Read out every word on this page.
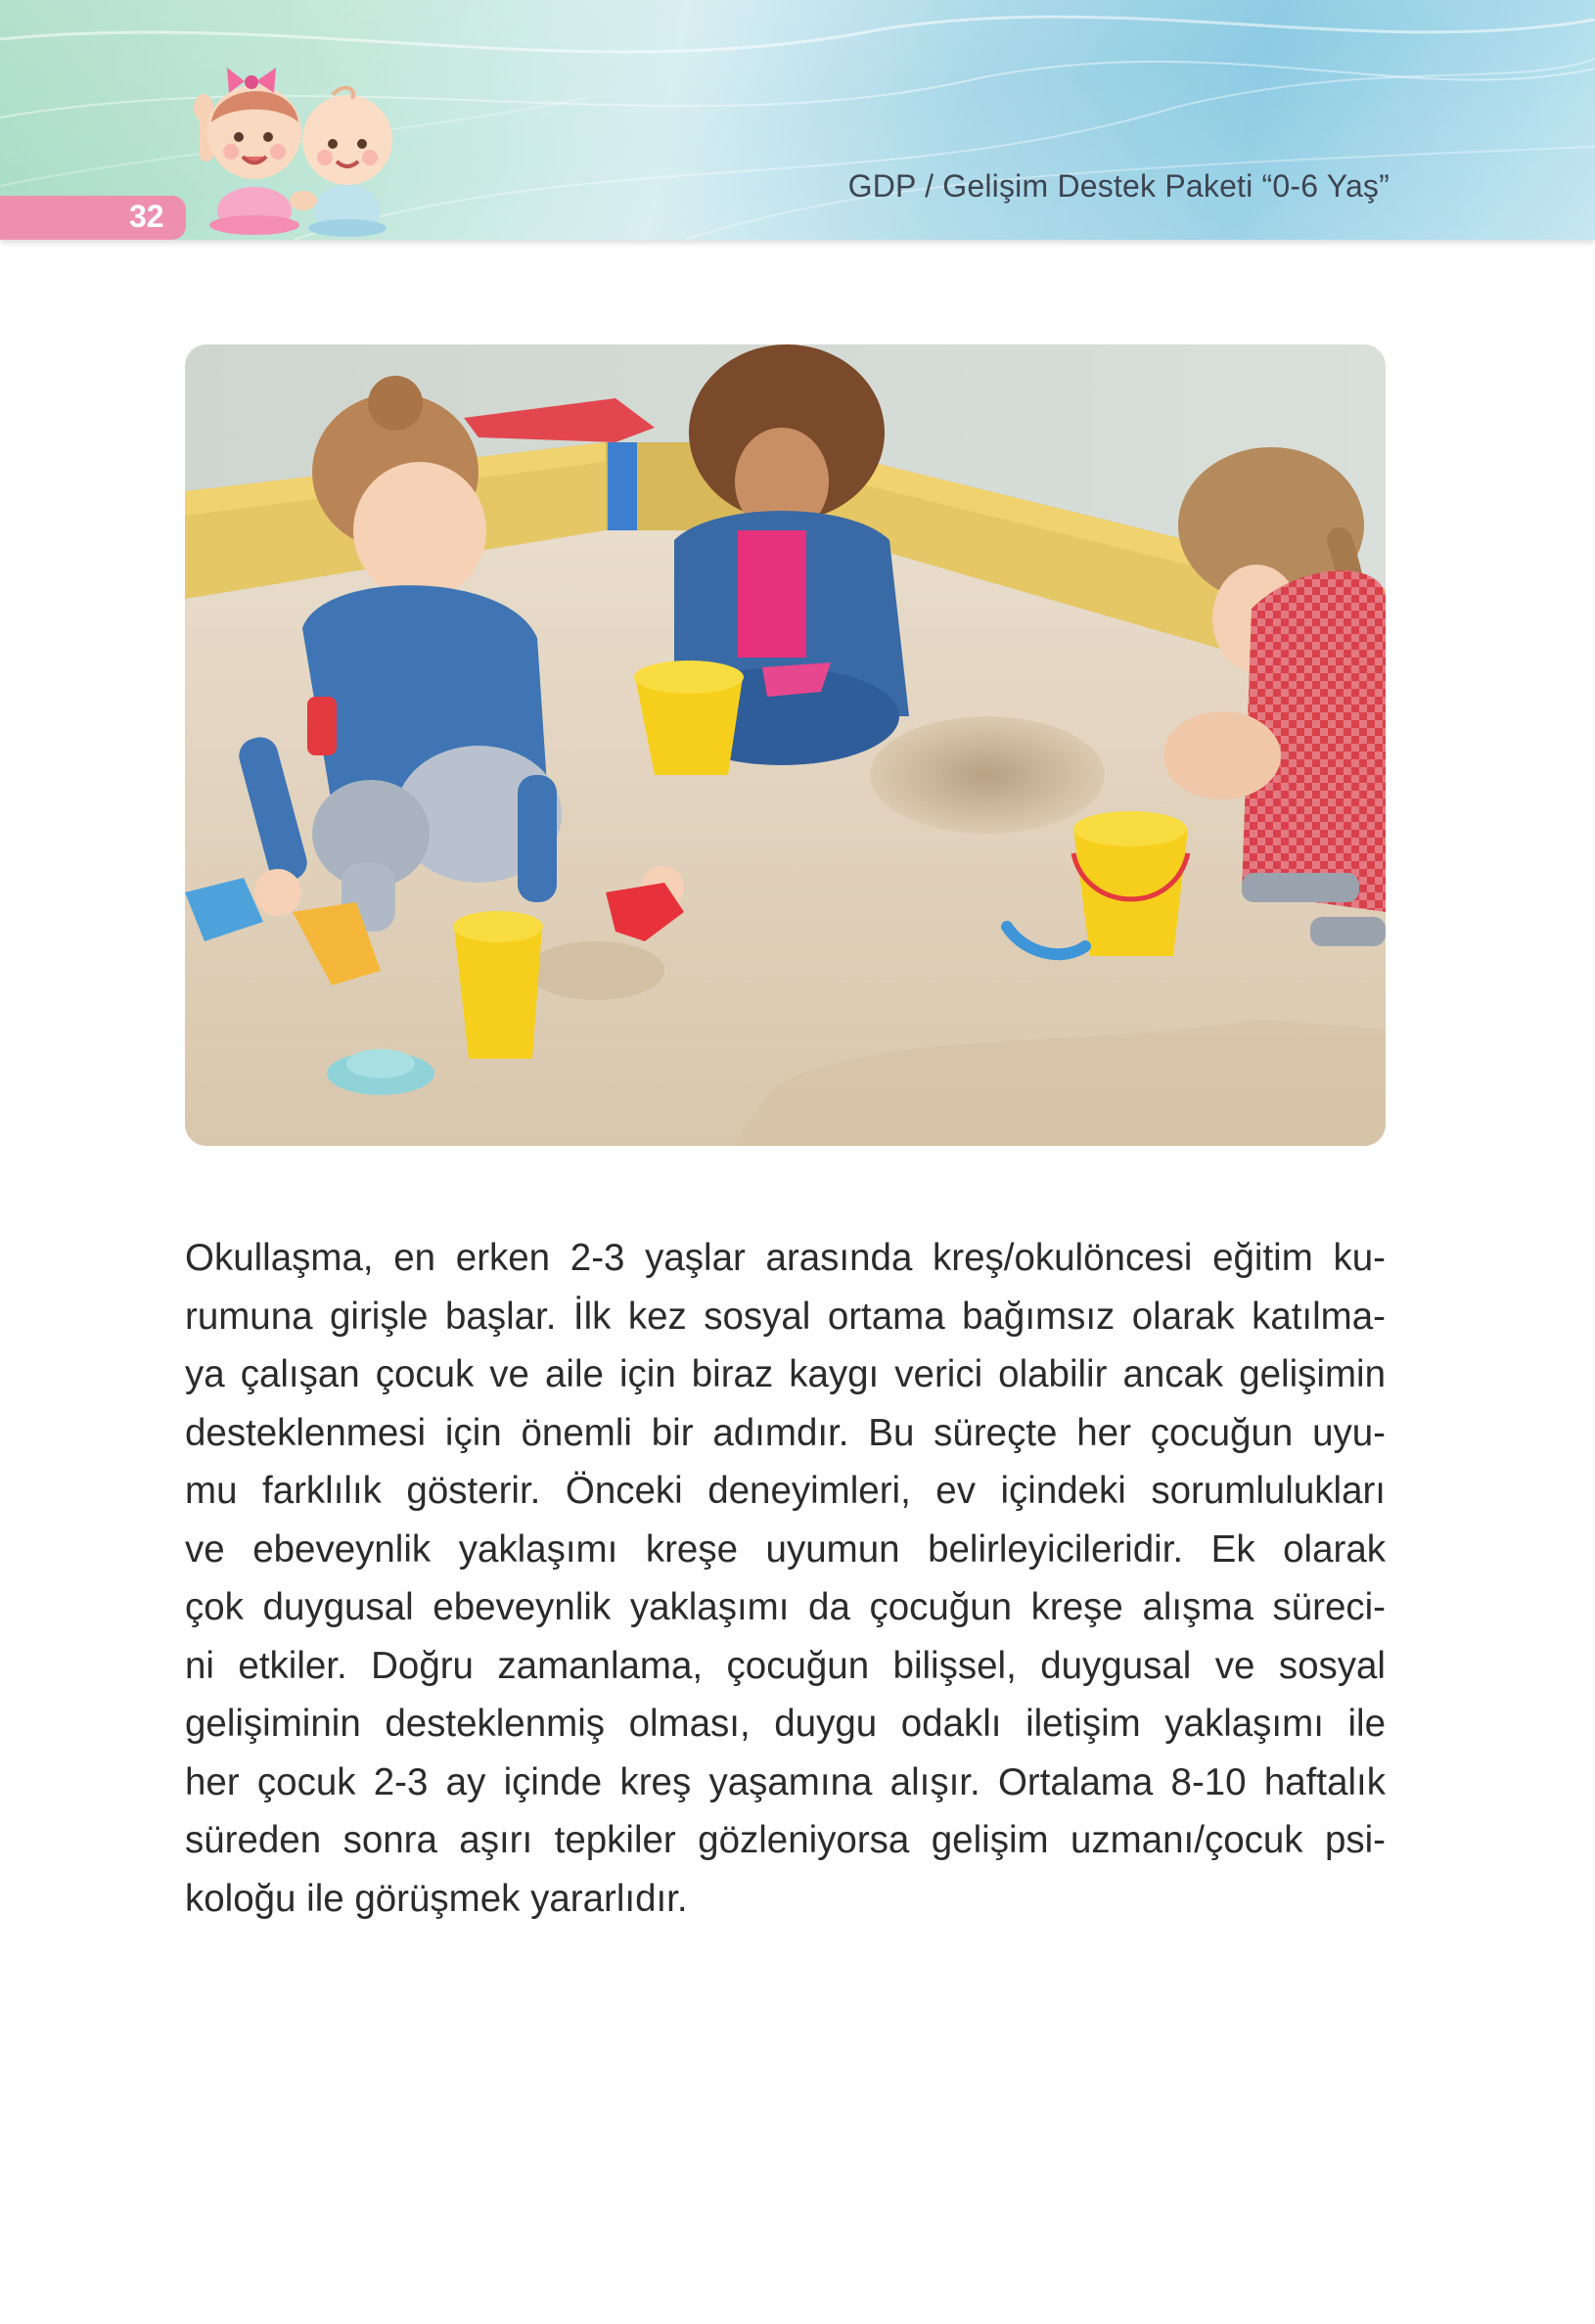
32
GDP / Gelişim Destek Paketi “0-6 Yaş”

Okullaşma, en erken 2-3 yaşlar arasında kreş/okulöncesi eğitim ku-
rumuna girişle başlar. İlk kez sosyal ortama bağımsız olarak katılma-
ya çalışan çocuk ve aile için biraz kaygı verici olabilir ancak gelişimin
desteklenmesi için önemli bir adımdır. Bu süreçte her çocuğun uyu-
mu farklılık gösterir. Önceki deneyimleri, ev içindeki sorumlulukları
ve ebeveynlik yaklaşımı kreşe uyumun belirleyicileridir. Ek olarak
çok duygusal ebeveynlik yaklaşımı da çocuğun kreşe alışma süreci-
ni etkiler. Doğru zamanlama, çocuğun bilişsel, duygusal ve sosyal
gelişiminin desteklenmiş olması, duygu odaklı iletişim yaklaşımı ile
her çocuk 2-3 ay içinde kreş yaşamına alışır. Ortalama 8-10 haftalık
süreden sonra aşırı tepkiler gözleniyorsa gelişim uzmanı/çocuk psi-
koloğu ile görüşmek yararlıdır.
